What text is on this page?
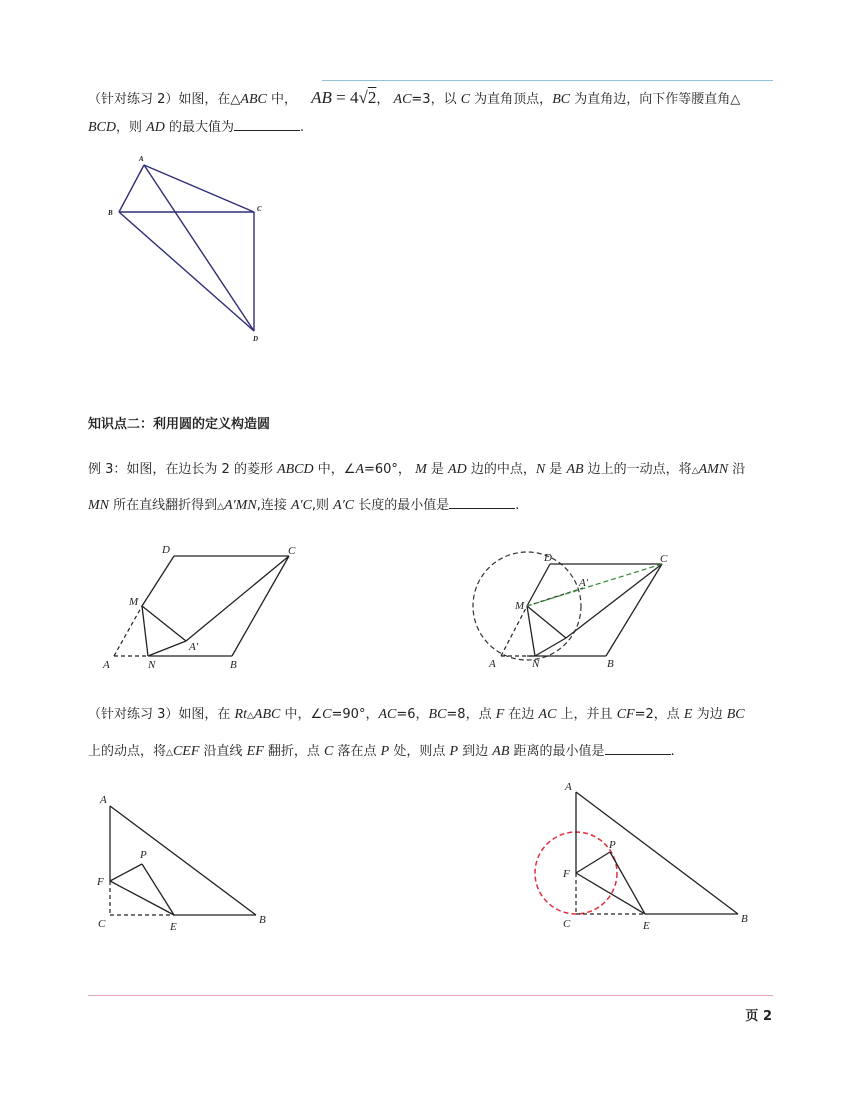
（针对练习 2）如图，在△ABC 中， AB = 4√2， AC=3，以 C 为直角顶点，BC 为直角边，向下作等腰直角△
BCD，则 AD 的最大值为	.
A
B	C
D
知识点二：利用圆的定义构造圆
例 3：如图，在边长为 2 的菱形 ABCD 中，∠A=60°， M 是 AD 边的中点，N 是 AB 边上的一动点，将△AMN 沿
MN 所在直线翻折得到△A′MN,连接 A′C,则 A′C 长度的最小值是	.
D	C
M
A	N	B
A′
D	C
M
A	N	B
A′
（针对练习 3）如图，在 Rt△ABC 中，∠C=90°，AC=6，BC=8，点 F 在边 AC 上，并且 CF=2，点 E 为边 BC
上的动点，将△CEF 沿直线 EF 翻折，点 C 落在点 P 处，则点 P 到边 AB 距离的最小值是	.
A
P
F
C	E
B
A
P
F
C	E
B
页 2
